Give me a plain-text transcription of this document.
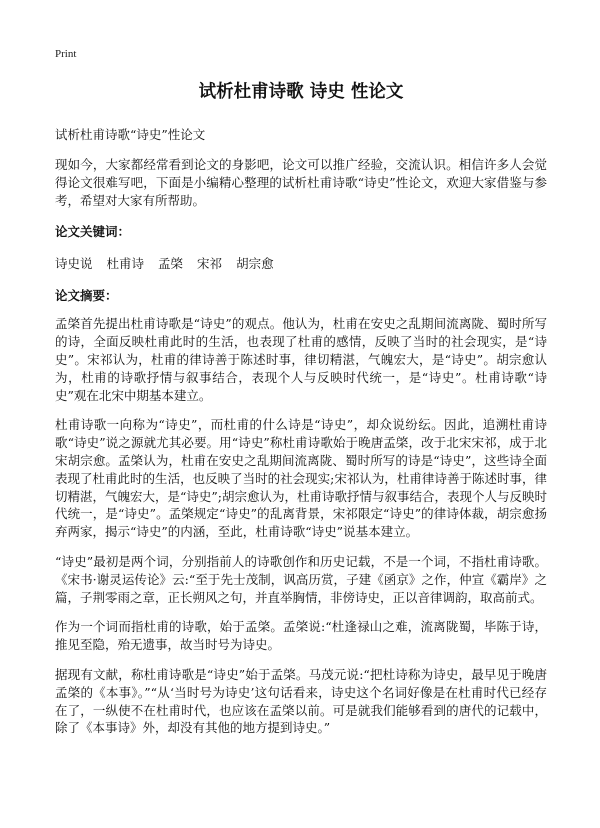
Print
试析杜甫诗歌 诗史 性论文
试析杜甫诗歌“诗史”性论文

现如今，大家都经常看到论文的身影吧，论文可以推广经验，交流认识。相信许多人会觉得论文很难写吧，下面是小编精心整理的试析杜甫诗歌“诗史”性论文，欢迎大家借鉴与参考，希望对大家有所帮助。

论文关键词：
诗史说 杜甫诗 孟棨 宋祁 胡宗愈
论文摘要：

孟棨首先提出杜甫诗歌是“诗史”的观点。他认为，杜甫在安史之乱期间流离陇、蜀时所写的诗，全面反映杜甫此时的生活，也表现了杜甫的感情，反映了当时的社会现实，是“诗史”。宋祁认为，杜甫的律诗善于陈述时事，律切精湛，气魄宏大，是“诗史”。胡宗愈认为，杜甫的诗歌抒情与叙事结合，表现个人与反映时代统一，是“诗史”。杜甫诗歌“诗史”观在北宋中期基本建立。

杜甫诗歌一向称为“诗史”，而杜甫的什么诗是“诗史”，却众说纷纭。因此，追溯杜甫诗歌“诗史”说之源就尤其必要。用“诗史”称杜甫诗歌始于晚唐孟棨，改于北宋宋祁，成于北宋胡宗愈。孟棨认为，杜甫在安史之乱期间流离陇、蜀时所写的诗是“诗史”，这些诗全面表现了杜甫此时的生活，也反映了当时的社会现实;宋祁认为，杜甫律诗善于陈述时事，律切精湛，气魄宏大，是“诗史”;胡宗愈认为，杜甫诗歌抒情与叙事结合，表现个人与反映时代统一，是“诗史”。孟棨规定“诗史”的乱离背景，宋祁限定“诗史”的律诗体裁，胡宗愈扬弃两家，揭示“诗史”的内涵，至此，杜甫诗歌“诗史”说基本建立。

“诗史”最初是两个词，分别指前人的诗歌创作和历史记载，不是一个词，不指杜甫诗歌。《宋书·谢灵运传论》云:“至于先士茂制，讽高历赏，子建《函京》之作，仲宣《霸岸》之篇，子荆零雨之章，正长朔风之句，并直举胸情，非傍诗史，正以音律调韵，取高前式。

作为一个词而指杜甫的诗歌，始于孟棨。孟棨说:“杜逢禄山之难，流离陇蜀，毕陈于诗，推见至隐，殆无遗事，故当时号为诗史。

据现有文献，称杜甫诗歌是“诗史”始于孟棨。马茂元说:“把杜诗称为诗史，最早见于晚唐孟棨的《本事》。”“从‘当时号为诗史’这句话看来，诗史这个名词好像是在杜甫时代已经存在了，一纵使不在杜甫时代，也应该在孟棨以前。可是就我们能够看到的唐代的记载中，除了《本事诗》外，却没有其他的地方提到诗史。”
